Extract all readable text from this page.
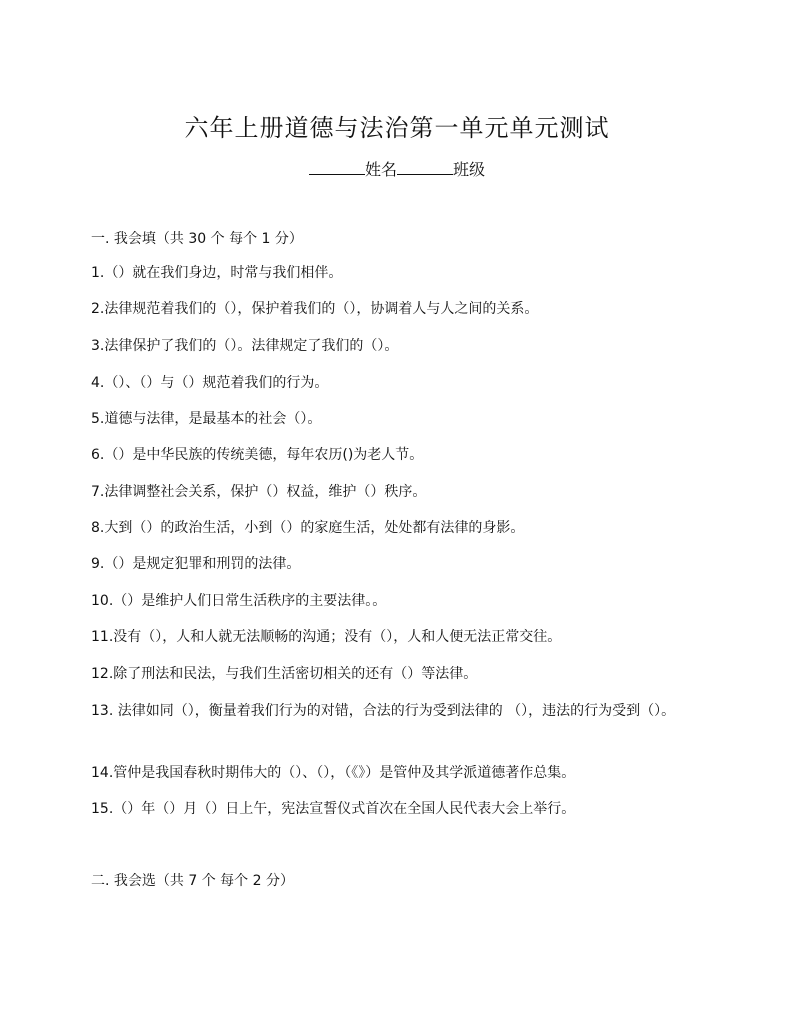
六年上册道德与法治第一单元单元测试
姓名	班级
一. 我会填（共 30 个 每个 1 分）
1.（）就在我们身边，时常与我们相伴。
2.法律规范着我们的（），保护着我们的（），协调着人与人之间的关系。
3.法律保护了我们的（）。法律规定了我们的（）。
4.（）、（）与（）规范着我们的行为。
5.道德与法律，是最基本的社会（）。
6.（）是中华民族的传统美德，每年农历()为老人节。
7.法律调整社会关系，保护（）权益，维护（）秩序。
8.大到（）的政治生活，小到（）的家庭生活，处处都有法律的身影。
9.（）是规定犯罪和刑罚的法律。
10.（）是维护人们日常生活秩序的主要法律。。
11.没有（），人和人就无法顺畅的沟通；没有（），人和人便无法正常交往。
12.除了刑法和民法，与我们生活密切相关的还有（）等法律。
13. 法律如同（），衡量着我们行为的对错，合法的行为受到法律的 （），违法的行为受到（）。
14.管仲是我国春秋时期伟大的（）、（），（《》）是管仲及其学派道德著作总集。
15.（）年（）月（）日上午，宪法宣誓仪式首次在全国人民代表大会上举行。
二. 我会选（共 7 个 每个 2 分）
